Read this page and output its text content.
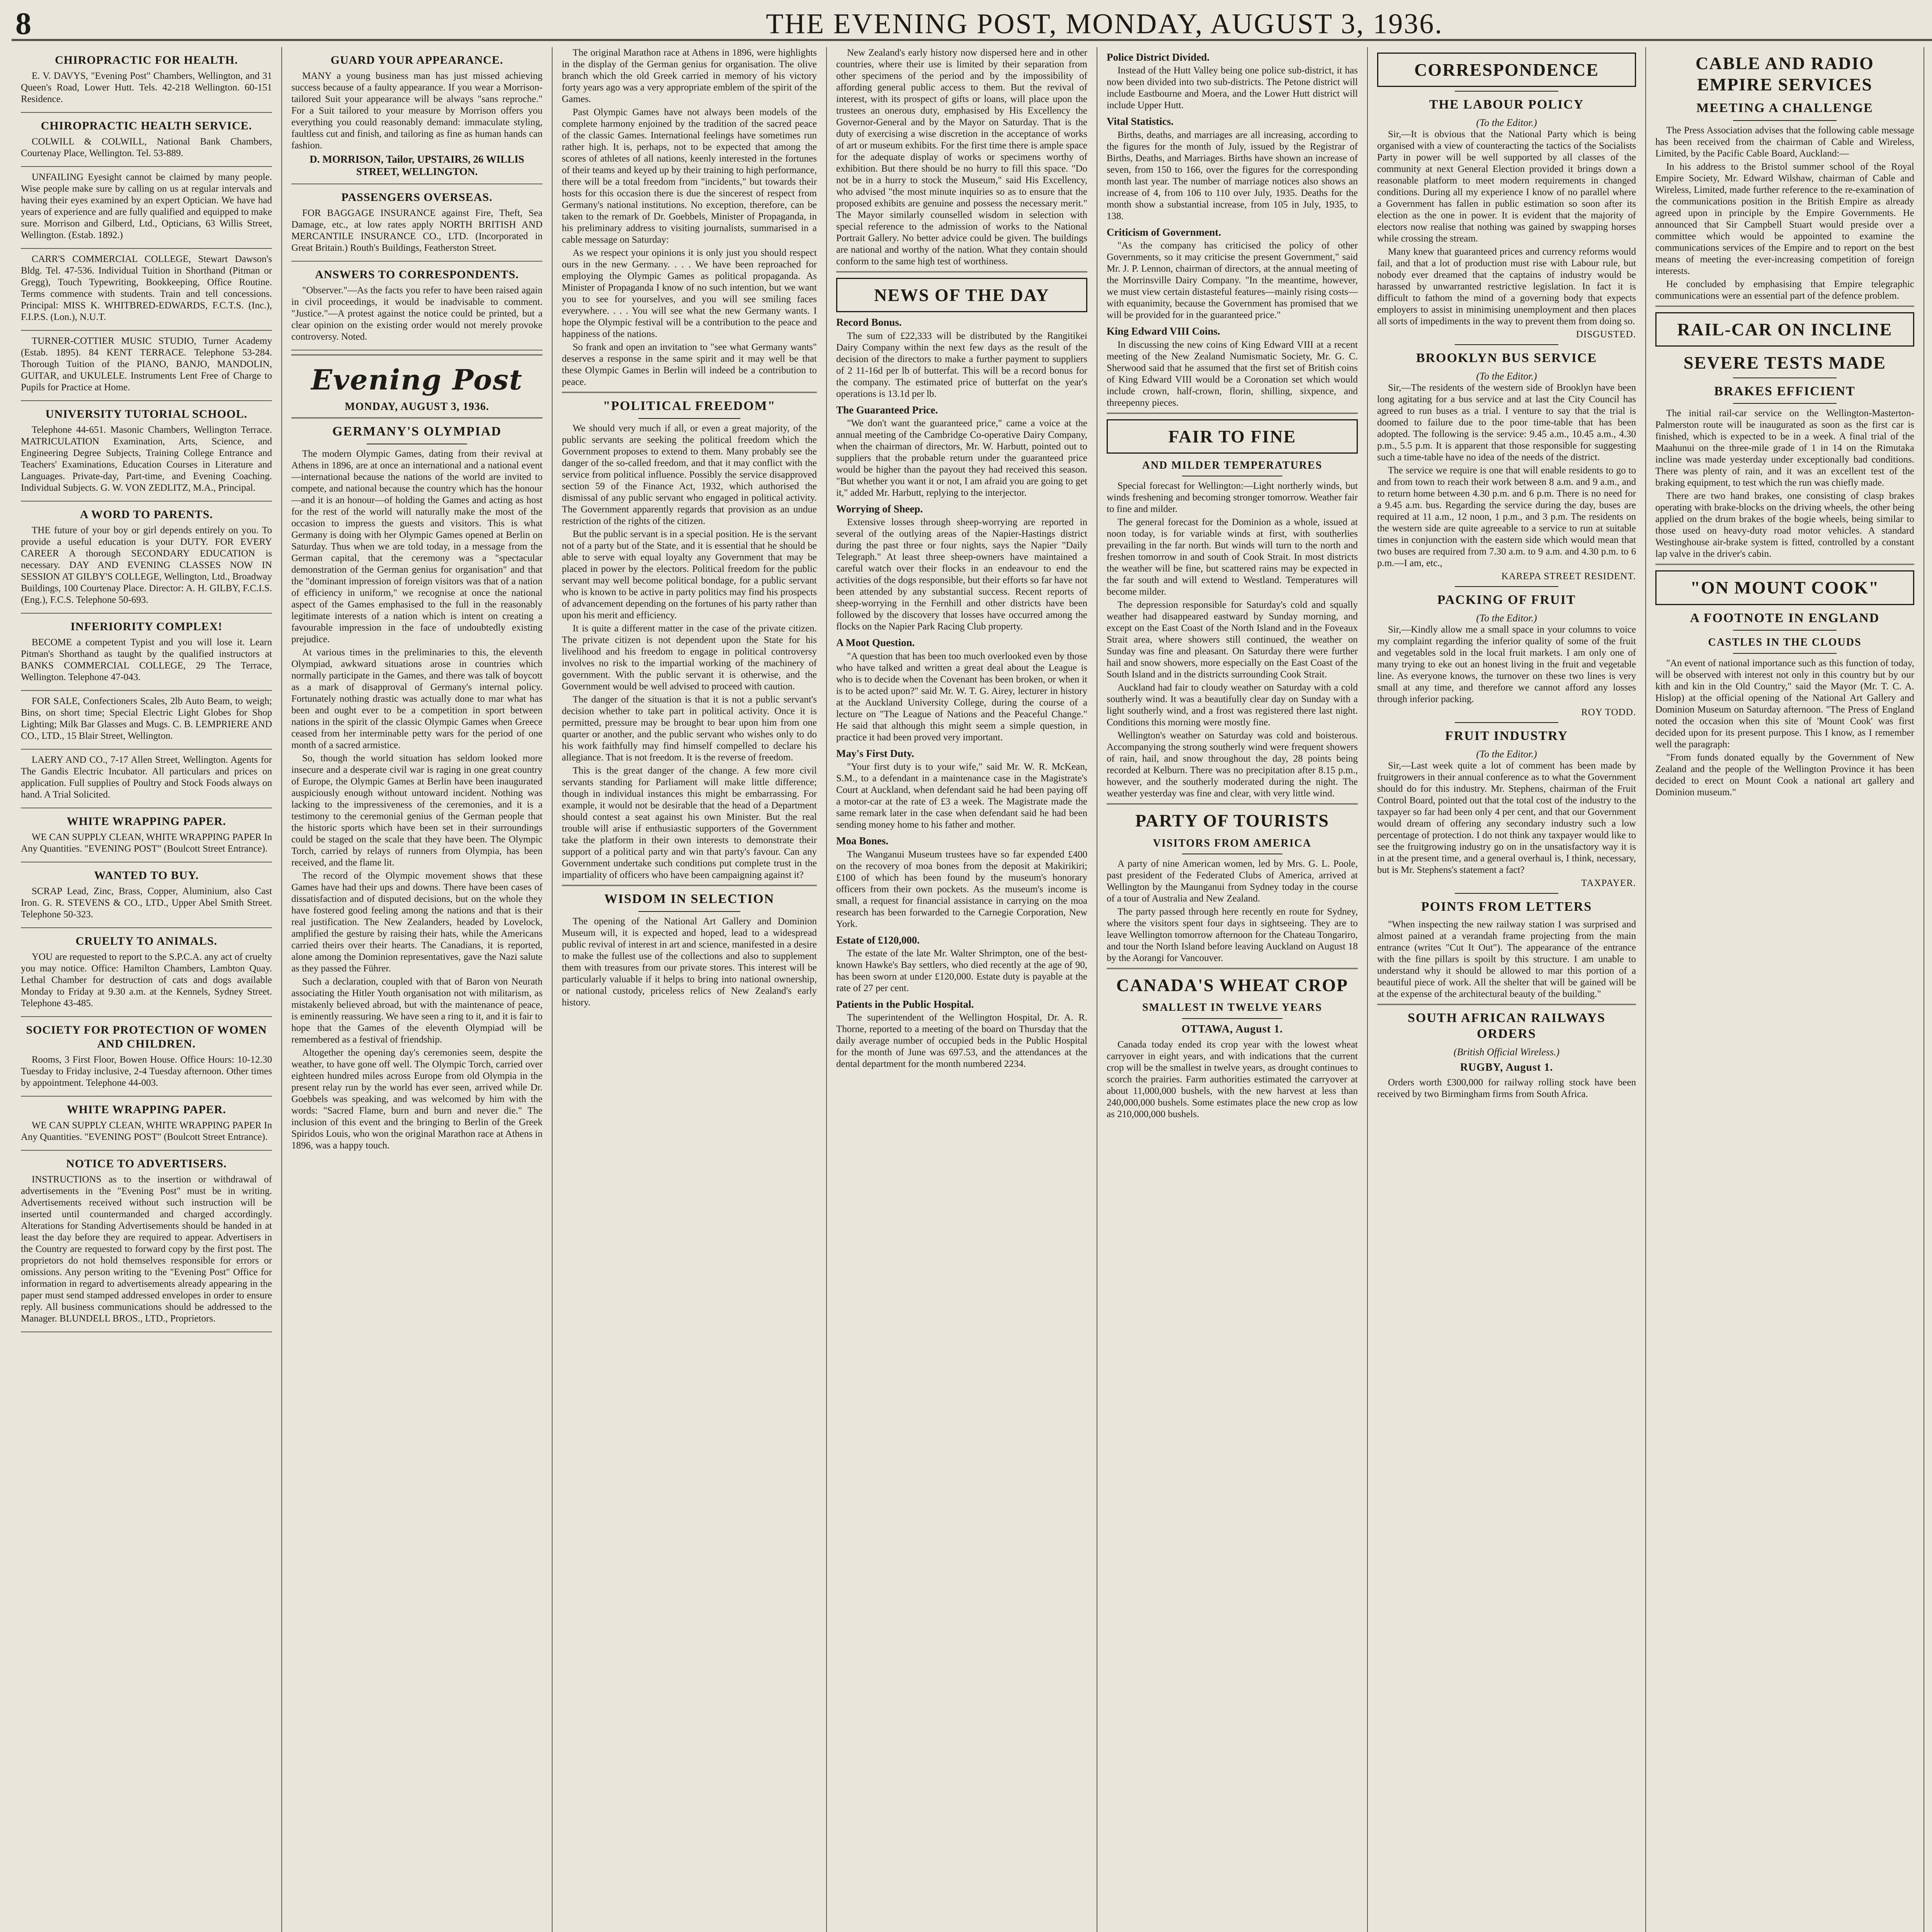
8	THE EVENING POST, MONDAY, AUGUST 3, 1936.
CHIROPRACTIC FOR HEALTH.

E. V. DAVYS, "Evening Post" Chambers, Wellington, and 31 Queen's Road, Lower Hutt. Tels. 42-218 Wellington. 60-151 Residence.

CHIROPRACTIC HEALTH SERVICE.

COLWILL & COLWILL, National Bank Chambers, Courtenay Place, Wellington. Tel. 53-889.

UNFAILING Eyesight cannot be claimed by many people. Wise people make sure by calling on us at regular intervals and having their eyes examined by an expert Optician. We have had years of experience and are fully qualified and equipped to make sure. Morrison and Gilberd, Ltd., Opticians, 63 Willis Street, Wellington. (Estab. 1892.)

CARR'S COMMERCIAL COLLEGE, Stewart Dawson's Bldg. Tel. 47-536. Individual Tuition in Shorthand (Pitman or Gregg), Touch Typewriting, Bookkeeping, Office Routine. Terms commence with students. Train and tell concessions. Principal: MISS K. WHITBRED-EDWARDS, F.C.T.S. (Inc.), F.I.P.S. (Lon.), N.U.T.

TURNER-COTTIER MUSIC STUDIO, Turner Academy (Estab. 1895). 84 KENT TERRACE. Telephone 53-284. Thorough Tuition of the PIANO, BANJO, MANDOLIN, GUITAR, and UKULELE. Instruments Lent Free of Charge to Pupils for Practice at Home.

UNIVERSITY TUTORIAL SCHOOL.

Telephone 44-651. Masonic Chambers, Wellington Terrace. MATRICULATION Examination, Arts, Science, and Engineering Degree Subjects, Training College Entrance and Teachers' Examinations, Education Courses in Literature and Languages. Private-day, Part-time, and Evening Coaching. Individual Subjects. G. W. VON ZEDLITZ, M.A., Principal.

A WORD TO PARENTS.

THE future of your boy or girl depends entirely on you. To provide a useful education is your DUTY. FOR EVERY CAREER A thorough SECONDARY EDUCATION is necessary. DAY AND EVENING CLASSES NOW IN SESSION AT GILBY'S COLLEGE, Wellington, Ltd., Broadway Buildings, 100 Courtenay Place. Director: A. H. GILBY, F.C.I.S. (Eng.), F.C.S. Telephone 50-693.

INFERIORITY COMPLEX!

BECOME a competent Typist and you will lose it. Learn Pitman's Shorthand as taught by the qualified instructors at BANKS COMMERCIAL COLLEGE, 29 The Terrace, Wellington. Telephone 47-043.

FOR SALE, Confectioners Scales, 2lb Auto Beam, to weigh; Bins, on short time; Special Electric Light Globes for Shop Lighting; Milk Bar Glasses and Mugs. C. B. LEMPRIERE AND CO., LTD., 15 Blair Street, Wellington.

LAERY AND CO., 7-17 Allen Street, Wellington. Agents for The Gandis Electric Incubator. All particulars and prices on application. Full supplies of Poultry and Stock Foods always on hand. A Trial Solicited.

WHITE WRAPPING PAPER.

WE CAN SUPPLY CLEAN, WHITE WRAPPING PAPER In Any Quantities. "EVENING POST" (Boulcott Street Entrance).

WANTED TO BUY.

SCRAP Lead, Zinc, Brass, Copper, Aluminium, also Cast Iron. G. R. STEVENS & CO., LTD., Upper Abel Smith Street. Telephone 50-323.

CRUELTY TO ANIMALS.

YOU are requested to report to the S.P.C.A. any act of cruelty you may notice. Office: Hamilton Chambers, Lambton Quay. Lethal Chamber for destruction of cats and dogs available Monday to Friday at 9.30 a.m. at the Kennels, Sydney Street. Telephone 43-485.

SOCIETY FOR PROTECTION OF WOMEN AND CHILDREN.

Rooms, 3 First Floor, Bowen House. Office Hours: 10-12.30 Tuesday to Friday inclusive, 2-4 Tuesday afternoon. Other times by appointment. Telephone 44-003.

WHITE WRAPPING PAPER.

WE CAN SUPPLY CLEAN, WHITE WRAPPING PAPER In Any Quantities. "EVENING POST" (Boulcott Street Entrance).

NOTICE TO ADVERTISERS.

INSTRUCTIONS as to the insertion or withdrawal of advertisements in the "Evening Post" must be in writing. Advertisements received without such instruction will be inserted until countermanded and charged accordingly. Alterations for Standing Advertisements should be handed in at least the day before they are required to appear. Advertisers in the Country are requested to forward copy by the first post. The proprietors do not hold themselves responsible for errors or omissions. Any person writing to the "Evening Post" Office for information in regard to advertisements already appearing in the paper must send stamped addressed envelopes in order to ensure reply. All business communications should be addressed to the Manager. BLUNDELL BROS., LTD., Proprietors.

GUARD YOUR APPEARANCE.

MANY a young business man has just missed achieving success because of a faulty appearance. If you wear a Morrison-tailored Suit your appearance will be always "sans reproche." For a Suit tailored to your measure by Morrison offers you everything you could reasonably demand: immaculate styling, faultless cut and finish, and tailoring as fine as human hands can fashion.

D. MORRISON, Tailor, UPSTAIRS, 26 WILLIS STREET, WELLINGTON.
PASSENGERS OVERSEAS.

FOR BAGGAGE INSURANCE against Fire, Theft, Sea Damage, etc., at low rates apply NORTH BRITISH AND MERCANTILE INSURANCE CO., LTD. (Incorporated in Great Britain.) Routh's Buildings, Featherston Street.

ANSWERS TO CORRESPONDENTS.

"Observer."—As the facts you refer to have been raised again in civil proceedings, it would be inadvisable to comment. "Justice."—A protest against the notice could be printed, but a clear opinion on the existing order would not merely provoke controversy. Noted.

Evening Post
MONDAY, AUGUST 3, 1936.
GERMANY'S OLYMPIAD

The modern Olympic Games, dating from their revival at Athens in 1896, are at once an international and a national event—international because the nations of the world are invited to compete, and national because the country which has the honour—and it is an honour—of holding the Games and acting as host for the rest of the world will naturally make the most of the occasion to impress the guests and visitors. This is what Germany is doing with her Olympic Games opened at Berlin on Saturday. Thus when we are told today, in a message from the German capital, that the ceremony was a "spectacular demonstration of the German genius for organisation" and that the "dominant impression of foreign visitors was that of a nation of efficiency in uniform," we recognise at once the national aspect of the Games emphasised to the full in the reasonably legitimate interests of a nation which is intent on creating a favourable impression in the face of undoubtedly existing prejudice.

At various times in the preliminaries to this, the eleventh Olympiad, awkward situations arose in countries which normally participate in the Games, and there was talk of boycott as a mark of disapproval of Germany's internal policy. Fortunately nothing drastic was actually done to mar what has been and ought ever to be a competition in sport between nations in the spirit of the classic Olympic Games when Greece ceased from her interminable petty wars for the period of one month of a sacred armistice.

So, though the world situation has seldom looked more insecure and a desperate civil war is raging in one great country of Europe, the Olympic Games at Berlin have been inaugurated auspiciously enough without untoward incident. Nothing was lacking to the impressiveness of the ceremonies, and it is a testimony to the ceremonial genius of the German people that the historic sports which have been set in their surroundings could be staged on the scale that they have been. The Olympic Torch, carried by relays of runners from Olympia, has been received, and the flame lit.

The record of the Olympic movement shows that these Games have had their ups and downs. There have been cases of dissatisfaction and of disputed decisions, but on the whole they have fostered good feeling among the nations and that is their real justification. The New Zealanders, headed by Lovelock, amplified the gesture by raising their hats, while the Americans carried theirs over their hearts. The Canadians, it is reported, alone among the Dominion representatives, gave the Nazi salute as they passed the Führer.

Such a declaration, coupled with that of Baron von Neurath associating the Hitler Youth organisation not with militarism, as mistakenly believed abroad, but with the maintenance of peace, is eminently reassuring. We have seen a ring to it, and it is fair to hope that the Games of the eleventh Olympiad will be remembered as a festival of friendship.

Altogether the opening day's ceremonies seem, despite the weather, to have gone off well. The Olympic Torch, carried over eighteen hundred miles across Europe from old Olympia in the present relay run by the world has ever seen, arrived while Dr. Goebbels was speaking, and was welcomed by him with the words: "Sacred Flame, burn and burn and never die." The inclusion of this event and the bringing to Berlin of the Greek Spiridos Louis, who won the original Marathon race at Athens in 1896, was a happy touch.

The original Marathon race at Athens in 1896, were highlights in the display of the German genius for organisation. The olive branch which the old Greek carried in memory of his victory forty years ago was a very appropriate emblem of the spirit of the Games.

Past Olympic Games have not always been models of the complete harmony enjoined by the tradition of the sacred peace of the classic Games. International feelings have sometimes run rather high. It is, perhaps, not to be expected that among the scores of athletes of all nations, keenly interested in the fortunes of their teams and keyed up by their training to high performance, there will be a total freedom from "incidents," but towards their hosts for this occasion there is due the sincerest of respect from Germany's national institutions. No exception, therefore, can be taken to the remark of Dr. Goebbels, Minister of Propaganda, in his preliminary address to visiting journalists, summarised in a cable message on Saturday:

As we respect your opinions it is only just you should respect ours in the new Germany. . . . We have been reproached for employing the Olympic Games as political propaganda. As Minister of Propaganda I know of no such intention, but we want you to see for yourselves, and you will see smiling faces everywhere. . . . You will see what the new Germany wants. I hope the Olympic festival will be a contribution to the peace and happiness of the nations.

So frank and open an invitation to "see what Germany wants" deserves a response in the same spirit and it may well be that these Olympic Games in Berlin will indeed be a contribution to peace.

"POLITICAL FREEDOM"

We should very much if all, or even a great majority, of the public servants are seeking the political freedom which the Government proposes to extend to them. Many probably see the danger of the so-called freedom, and that it may conflict with the service from political influence. Possibly the service disapproved section 59 of the Finance Act, 1932, which authorised the dismissal of any public servant who engaged in political activity. The Government apparently regards that provision as an undue restriction of the rights of the citizen.

But the public servant is in a special position. He is the servant not of a party but of the State, and it is essential that he should be able to serve with equal loyalty any Government that may be placed in power by the electors. Political freedom for the public servant may well become political bondage, for a public servant who is known to be active in party politics may find his prospects of advancement depending on the fortunes of his party rather than upon his merit and efficiency.

It is quite a different matter in the case of the private citizen. The private citizen is not dependent upon the State for his livelihood and his freedom to engage in political controversy involves no risk to the impartial working of the machinery of government. With the public servant it is otherwise, and the Government would be well advised to proceed with caution.

The danger of the situation is that it is not a public servant's decision whether to take part in political activity. Once it is permitted, pressure may be brought to bear upon him from one quarter or another, and the public servant who wishes only to do his work faithfully may find himself compelled to declare his allegiance. That is not freedom. It is the reverse of freedom.

This is the great danger of the change. A few more civil servants standing for Parliament will make little difference; though in individual instances this might be embarrassing. For example, it would not be desirable that the head of a Department should contest a seat against his own Minister. But the real trouble will arise if enthusiastic supporters of the Government take the platform in their own interests to demonstrate their support of a political party and win that party's favour. Can any Government undertake such conditions put complete trust in the impartiality of officers who have been campaigning against it?

WISDOM IN SELECTION

The opening of the National Art Gallery and Dominion Museum will, it is expected and hoped, lead to a widespread public revival of interest in art and science, manifested in a desire to make the fullest use of the collections and also to supplement them with treasures from our private stores. This interest will be particularly valuable if it helps to bring into national ownership, or national custody, priceless relics of New Zealand's early history.

New Zealand's early history now dispersed here and in other countries, where their use is limited by their separation from other specimens of the period and by the impossibility of affording general public access to them. But the revival of interest, with its prospect of gifts or loans, will place upon the trustees an onerous duty, emphasised by His Excellency the Governor-General and by the Mayor on Saturday. That is the duty of exercising a wise discretion in the acceptance of works of art or museum exhibits. For the first time there is ample space for the adequate display of works or specimens worthy of exhibition. But there should be no hurry to fill this space. "Do not be in a hurry to stock the Museum," said His Excellency, who advised "the most minute inquiries so as to ensure that the proposed exhibits are genuine and possess the necessary merit." The Mayor similarly counselled wisdom in selection with special reference to the admission of works to the National Portrait Gallery. No better advice could be given. The buildings are national and worthy of the nation. What they contain should conform to the same high test of worthiness.

NEWS OF THE DAY
Record Bonus.

The sum of £22,333 will be distributed by the Rangitikei Dairy Company within the next few days as the result of the decision of the directors to make a further payment to suppliers of 2 11-16d per lb of butterfat. This will be a record bonus for the company. The estimated price of butterfat on the year's operations is 13.1d per lb.

The Guaranteed Price.

"We don't want the guaranteed price," came a voice at the annual meeting of the Cambridge Co-operative Dairy Company, when the chairman of directors, Mr. W. Harbutt, pointed out to suppliers that the probable return under the guaranteed price would be higher than the payout they had received this season. "But whether you want it or not, I am afraid you are going to get it," added Mr. Harbutt, replying to the interjector.

Worrying of Sheep.

Extensive losses through sheep-worrying are reported in several of the outlying areas of the Napier-Hastings district during the past three or four nights, says the Napier "Daily Telegraph." At least three sheep-owners have maintained a careful watch over their flocks in an endeavour to end the activities of the dogs responsible, but their efforts so far have not been attended by any substantial success. Recent reports of sheep-worrying in the Fernhill and other districts have been followed by the discovery that losses have occurred among the flocks on the Napier Park Racing Club property.

A Moot Question.

"A question that has been too much overlooked even by those who have talked and written a great deal about the League is who is to decide when the Covenant has been broken, or when it is to be acted upon?" said Mr. W. T. G. Airey, lecturer in history at the Auckland University College, during the course of a lecture on "The League of Nations and the Peaceful Change." He said that although this might seem a simple question, in practice it had been proved very important.

May's First Duty.

"Your first duty is to your wife," said Mr. W. R. McKean, S.M., to a defendant in a maintenance case in the Magistrate's Court at Auckland, when defendant said he had been paying off a motor-car at the rate of £3 a week. The Magistrate made the same remark later in the case when defendant said he had been sending money home to his father and mother.

Moa Bones.

The Wanganui Museum trustees have so far expended £400 on the recovery of moa bones from the deposit at Makirikiri; £100 of which has been found by the museum's honorary officers from their own pockets. As the museum's income is small, a request for financial assistance in carrying on the moa research has been forwarded to the Carnegie Corporation, New York.

Estate of £120,000.

The estate of the late Mr. Walter Shrimpton, one of the best-known Hawke's Bay settlers, who died recently at the age of 90, has been sworn at under £120,000. Estate duty is payable at the rate of 27 per cent.

Patients in the Public Hospital.

The superintendent of the Wellington Hospital, Dr. A. R. Thorne, reported to a meeting of the board on Thursday that the daily average number of occupied beds in the Public Hospital for the month of June was 697.53, and the attendances at the dental department for the month numbered 2234.

Police District Divided.

Instead of the Hutt Valley being one police sub-district, it has now been divided into two sub-districts. The Petone district will include Eastbourne and Moera, and the Lower Hutt district will include Upper Hutt.

Vital Statistics.

Births, deaths, and marriages are all increasing, according to the figures for the month of July, issued by the Registrar of Births, Deaths, and Marriages. Births have shown an increase of seven, from 150 to 166, over the figures for the corresponding month last year. The number of marriage notices also shows an increase of 4, from 106 to 110 over July, 1935. Deaths for the month show a substantial increase, from 105 in July, 1935, to 138.

Criticism of Government.

"As the company has criticised the policy of other Governments, so it may criticise the present Government," said Mr. J. P. Lennon, chairman of directors, at the annual meeting of the Morrinsville Dairy Company. "In the meantime, however, we must view certain distasteful features—mainly rising costs—with equanimity, because the Government has promised that we will be provided for in the guaranteed price."

King Edward VIII Coins.

In discussing the new coins of King Edward VIII at a recent meeting of the New Zealand Numismatic Society, Mr. G. C. Sherwood said that he assumed that the first set of British coins of King Edward VIII would be a Coronation set which would include crown, half-crown, florin, shilling, sixpence, and threepenny pieces.

FAIR TO FINE
AND MILDER TEMPERATURES

Special forecast for Wellington:—Light northerly winds, but winds freshening and becoming stronger tomorrow. Weather fair to fine and milder.

The general forecast for the Dominion as a whole, issued at noon today, is for variable winds at first, with southerlies prevailing in the far north. But winds will turn to the north and freshen tomorrow in and south of Cook Strait. In most districts the weather will be fine, but scattered rains may be expected in the far south and will extend to Westland. Temperatures will become milder.

The depression responsible for Saturday's cold and squally weather had disappeared eastward by Sunday morning, and except on the East Coast of the North Island and in the Foveaux Strait area, where showers still continued, the weather on Sunday was fine and pleasant. On Saturday there were further hail and snow showers, more especially on the East Coast of the South Island and in the districts surrounding Cook Strait.

Auckland had fair to cloudy weather on Saturday with a cold southerly wind. It was a beautifully clear day on Sunday with a light southerly wind, and a frost was registered there last night. Conditions this morning were mostly fine.

Wellington's weather on Saturday was cold and boisterous. Accompanying the strong southerly wind were frequent showers of rain, hail, and snow throughout the day, 28 points being recorded at Kelburn. There was no precipitation after 8.15 p.m., however, and the southerly moderated during the night. The weather yesterday was fine and clear, with very little wind.

PARTY OF TOURISTS
VISITORS FROM AMERICA

A party of nine American women, led by Mrs. G. L. Poole, past president of the Federated Clubs of America, arrived at Wellington by the Maunganui from Sydney today in the course of a tour of Australia and New Zealand.

The party passed through here recently en route for Sydney, where the visitors spent four days in sightseeing. They are to leave Wellington tomorrow afternoon for the Chateau Tongariro, and tour the North Island before leaving Auckland on August 18 by the Aorangi for Vancouver.

CANADA'S WHEAT CROP
SMALLEST IN TWELVE YEARS
OTTAWA, August 1.

Canada today ended its crop year with the lowest wheat carryover in eight years, and with indications that the current crop will be the smallest in twelve years, as drought continues to scorch the prairies. Farm authorities estimated the carryover at about 11,000,000 bushels, with the new harvest at less than 240,000,000 bushels. Some estimates place the new crop as low as 210,000,000 bushels.

CORRESPONDENCE
THE LABOUR POLICY
(To the Editor.)

Sir,—It is obvious that the National Party which is being organised with a view of counteracting the tactics of the Socialists Party in power will be well supported by all classes of the community at next General Election provided it brings down a reasonable platform to meet modern requirements in changed conditions. During all my experience I know of no parallel where a Government has fallen in public estimation so soon after its election as the one in power. It is evident that the majority of electors now realise that nothing was gained by swapping horses while crossing the stream.

Many knew that guaranteed prices and currency reforms would fail, and that a lot of production must rise with Labour rule, but nobody ever dreamed that the captains of industry would be harassed by unwarranted restrictive legislation. In fact it is difficult to fathom the mind of a governing body that expects employers to assist in minimising unemployment and then places all sorts of impediments in the way to prevent them from doing so.

DISGUSTED.
BROOKLYN BUS SERVICE
(To the Editor.)

Sir,—The residents of the western side of Brooklyn have been long agitating for a bus service and at last the City Council has agreed to run buses as a trial. I venture to say that the trial is doomed to failure due to the poor time-table that has been adopted. The following is the service: 9.45 a.m., 10.45 a.m., 4.30 p.m., 5.5 p.m. It is apparent that those responsible for suggesting such a time-table have no idea of the needs of the district.

The service we require is one that will enable residents to go to and from town to reach their work between 8 a.m. and 9 a.m., and to return home between 4.30 p.m. and 6 p.m. There is no need for a 9.45 a.m. bus. Regarding the service during the day, buses are required at 11 a.m., 12 noon, 1 p.m., and 3 p.m. The residents on the western side are quite agreeable to a service to run at suitable times in conjunction with the eastern side which would mean that two buses are required from 7.30 a.m. to 9 a.m. and 4.30 p.m. to 6 p.m.—I am, etc.,

KAREPA STREET RESIDENT.
PACKING OF FRUIT
(To the Editor.)

Sir,—Kindly allow me a small space in your columns to voice my complaint regarding the inferior quality of some of the fruit and vegetables sold in the local fruit markets. I am only one of many trying to eke out an honest living in the fruit and vegetable line. As everyone knows, the turnover on these two lines is very small at any time, and therefore we cannot afford any losses through inferior packing.

ROY TODD.
FRUIT INDUSTRY
(To the Editor.)

Sir,—Last week quite a lot of comment has been made by fruitgrowers in their annual conference as to what the Government should do for this industry. Mr. Stephens, chairman of the Fruit Control Board, pointed out that the total cost of the industry to the taxpayer so far had been only 4 per cent, and that our Government would dream of offering any secondary industry such a low percentage of protection. I do not think any taxpayer would like to see the fruitgrowing industry go on in the unsatisfactory way it is in at the present time, and a general overhaul is, I think, necessary, but is Mr. Stephens's statement a fact?

TAXPAYER.
POINTS FROM LETTERS

"When inspecting the new railway station I was surprised and almost pained at a verandah frame projecting from the main entrance (writes "Cut It Out"). The appearance of the entrance with the fine pillars is spoilt by this structure. I am unable to understand why it should be allowed to mar this portion of a beautiful piece of work. All the shelter that will be gained will be at the expense of the architectural beauty of the building."

SOUTH AFRICAN RAILWAYS ORDERS
(British Official Wireless.)
RUGBY, August 1.

Orders worth £300,000 for railway rolling stock have been received by two Birmingham firms from South Africa.

CABLE AND RADIO EMPIRE SERVICES
MEETING A CHALLENGE

The Press Association advises that the following cable message has been received from the chairman of Cable and Wireless, Limited, by the Pacific Cable Board, Auckland:—

In his address to the Bristol summer school of the Royal Empire Society, Mr. Edward Wilshaw, chairman of Cable and Wireless, Limited, made further reference to the re-examination of the communications position in the British Empire as already agreed upon in principle by the Empire Governments. He announced that Sir Campbell Stuart would preside over a committee which would be appointed to examine the communications services of the Empire and to report on the best means of meeting the ever-increasing competition of foreign interests.

He concluded by emphasising that Empire telegraphic communications were an essential part of the defence problem.

RAIL-CAR ON INCLINE
SEVERE TESTS MADE
BRAKES EFFICIENT

The initial rail-car service on the Wellington-Masterton-Palmerston route will be inaugurated as soon as the first car is finished, which is expected to be in a week. A final trial of the Maahunui on the three-mile grade of 1 in 14 on the Rimutaka incline was made yesterday under exceptionally bad conditions. There was plenty of rain, and it was an excellent test of the braking equipment, to test which the run was chiefly made.

There are two hand brakes, one consisting of clasp brakes operating with brake-blocks on the driving wheels, the other being applied on the drum brakes of the bogie wheels, being similar to those used on heavy-duty road motor vehicles. A standard Westinghouse air-brake system is fitted, controlled by a constant lap valve in the driver's cabin.

"ON MOUNT COOK"
A FOOTNOTE IN ENGLAND
CASTLES IN THE CLOUDS

"An event of national importance such as this function of today, will be observed with interest not only in this country but by our kith and kin in the Old Country," said the Mayor (Mr. T. C. A. Hislop) at the official opening of the National Art Gallery and Dominion Museum on Saturday afternoon. "The Press of England noted the occasion when this site of 'Mount Cook' was first decided upon for its present purpose. This I know, as I remember well the paragraph:

"From funds donated equally by the Government of New Zealand and the people of the Wellington Province it has been decided to erect on Mount Cook a national art gallery and Dominion museum."
